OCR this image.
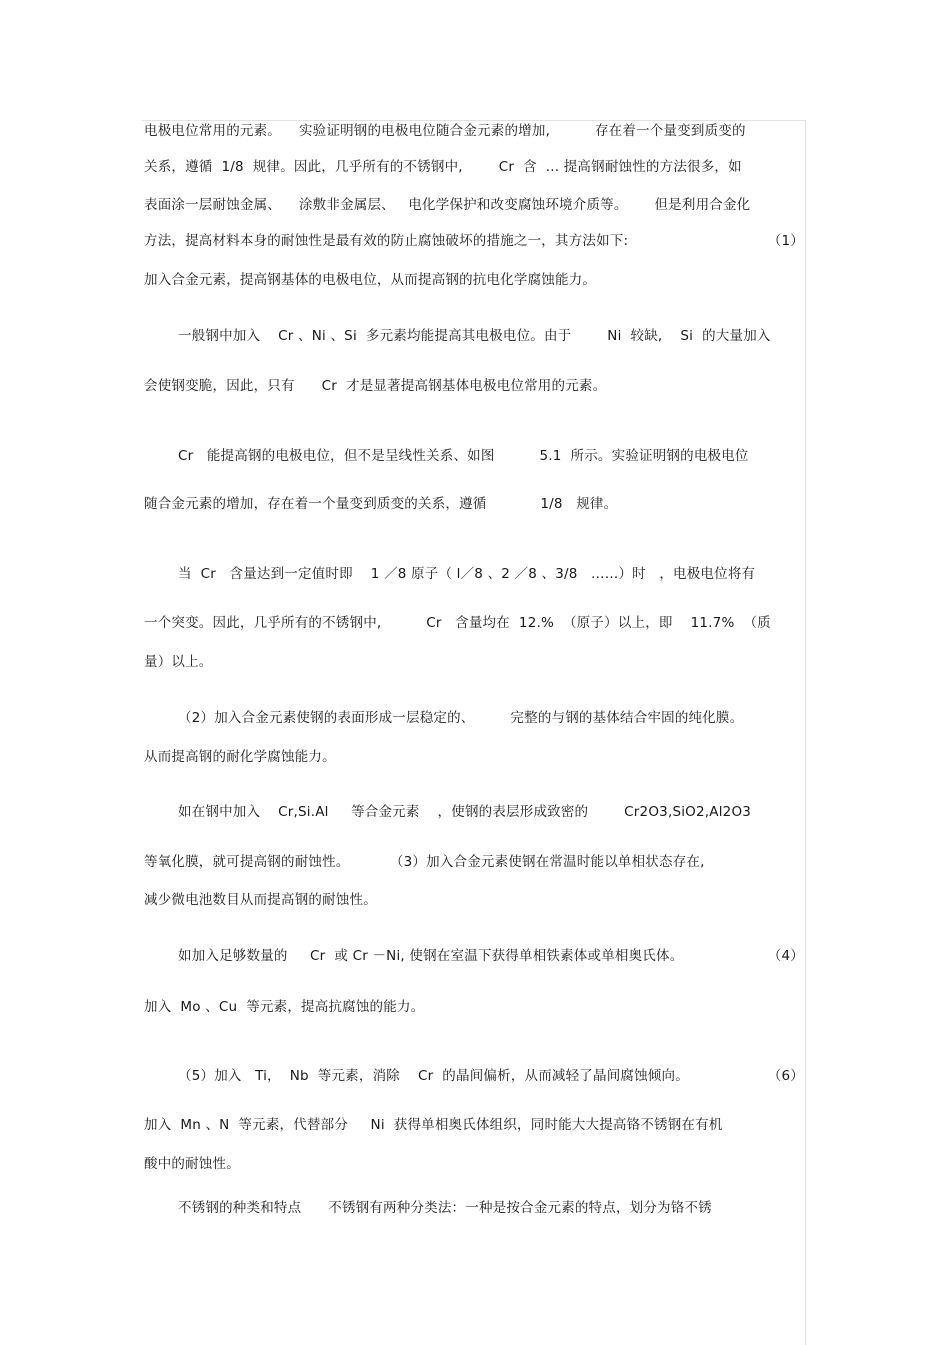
电极电位常用的元素。    实验证明钢的电极电位随合金元素的增加,          存在着一个量变到质变的
关系，遵循  1/8  规律。因此，几乎所有的不锈钢中,        Cr  含  ... 提高钢耐蚀性的方法很多，如
表面涂一层耐蚀金属、    涂敷非金属层、   电化学保护和改变腐蚀环境介质等。      但是利用合金化
方法，提高材料本身的耐蚀性是最有效的防止腐蚀破坏的措施之一，其方法如下:	（1）
加入合金元素，提高钢基体的电极电位，从而提高钢的抗电化学腐蚀能力。
一般钢中加入    Cr 、Ni 、Si  多元素均能提高其电极电位。由于        Ni  较缺,    Si  的大量加入
会使钢变脆，因此，只有      Cr  才是显著提高钢基体电极电位常用的元素。
Cr   能提高钢的电极电位，但不是呈线性关系、如图          5.1  所示。实验证明钢的电极电位
随合金元素的增加，存在着一个量变到质变的关系，遵循            1/8   规律。
当  Cr   含量达到一定值时即    1 ／8 原子（ l／8 、2 ／8 、3/8   ……）时   ，电极电位将有
一个突变。因此，几乎所有的不锈钢中,          Cr   含量均在  12.%  （原子）以上，即    11.7%  （质
量）以上。
（2）加入合金元素使钢的表面形成一层稳定的、        完整的与钢的基体结合牢固的纯化膜。
从而提高钢的耐化学腐蚀能力。
如在钢中加入    Cr,Si.Al     等合金元素    ，使钢的表层形成致密的        Cr2O3,SiO2,Al2O3
等氧化膜，就可提高钢的耐蚀性。         （3）加入合金元素使钢在常温时能以单相状态存在,
减少微电池数目从而提高钢的耐蚀性。
如加入足够数量的     Cr  或 Cr －Ni, 使钢在室温下获得单相铁素体或单相奥氏体。	（4）
加入  Mo 、Cu  等元素，提高抗腐蚀的能力。
（5）加入   Ti，  Nb  等元素，消除    Cr  的晶间偏析，从而减轻了晶间腐蚀倾向。	（6）
加入  Mn 、N  等元素，代替部分     Ni  获得单相奥氏体组织，同时能大大提高铬不锈钢在有机
酸中的耐蚀性。
不锈钢的种类和特点      不锈钢有两种分类法：一种是按合金元素的特点，划分为铬不锈
